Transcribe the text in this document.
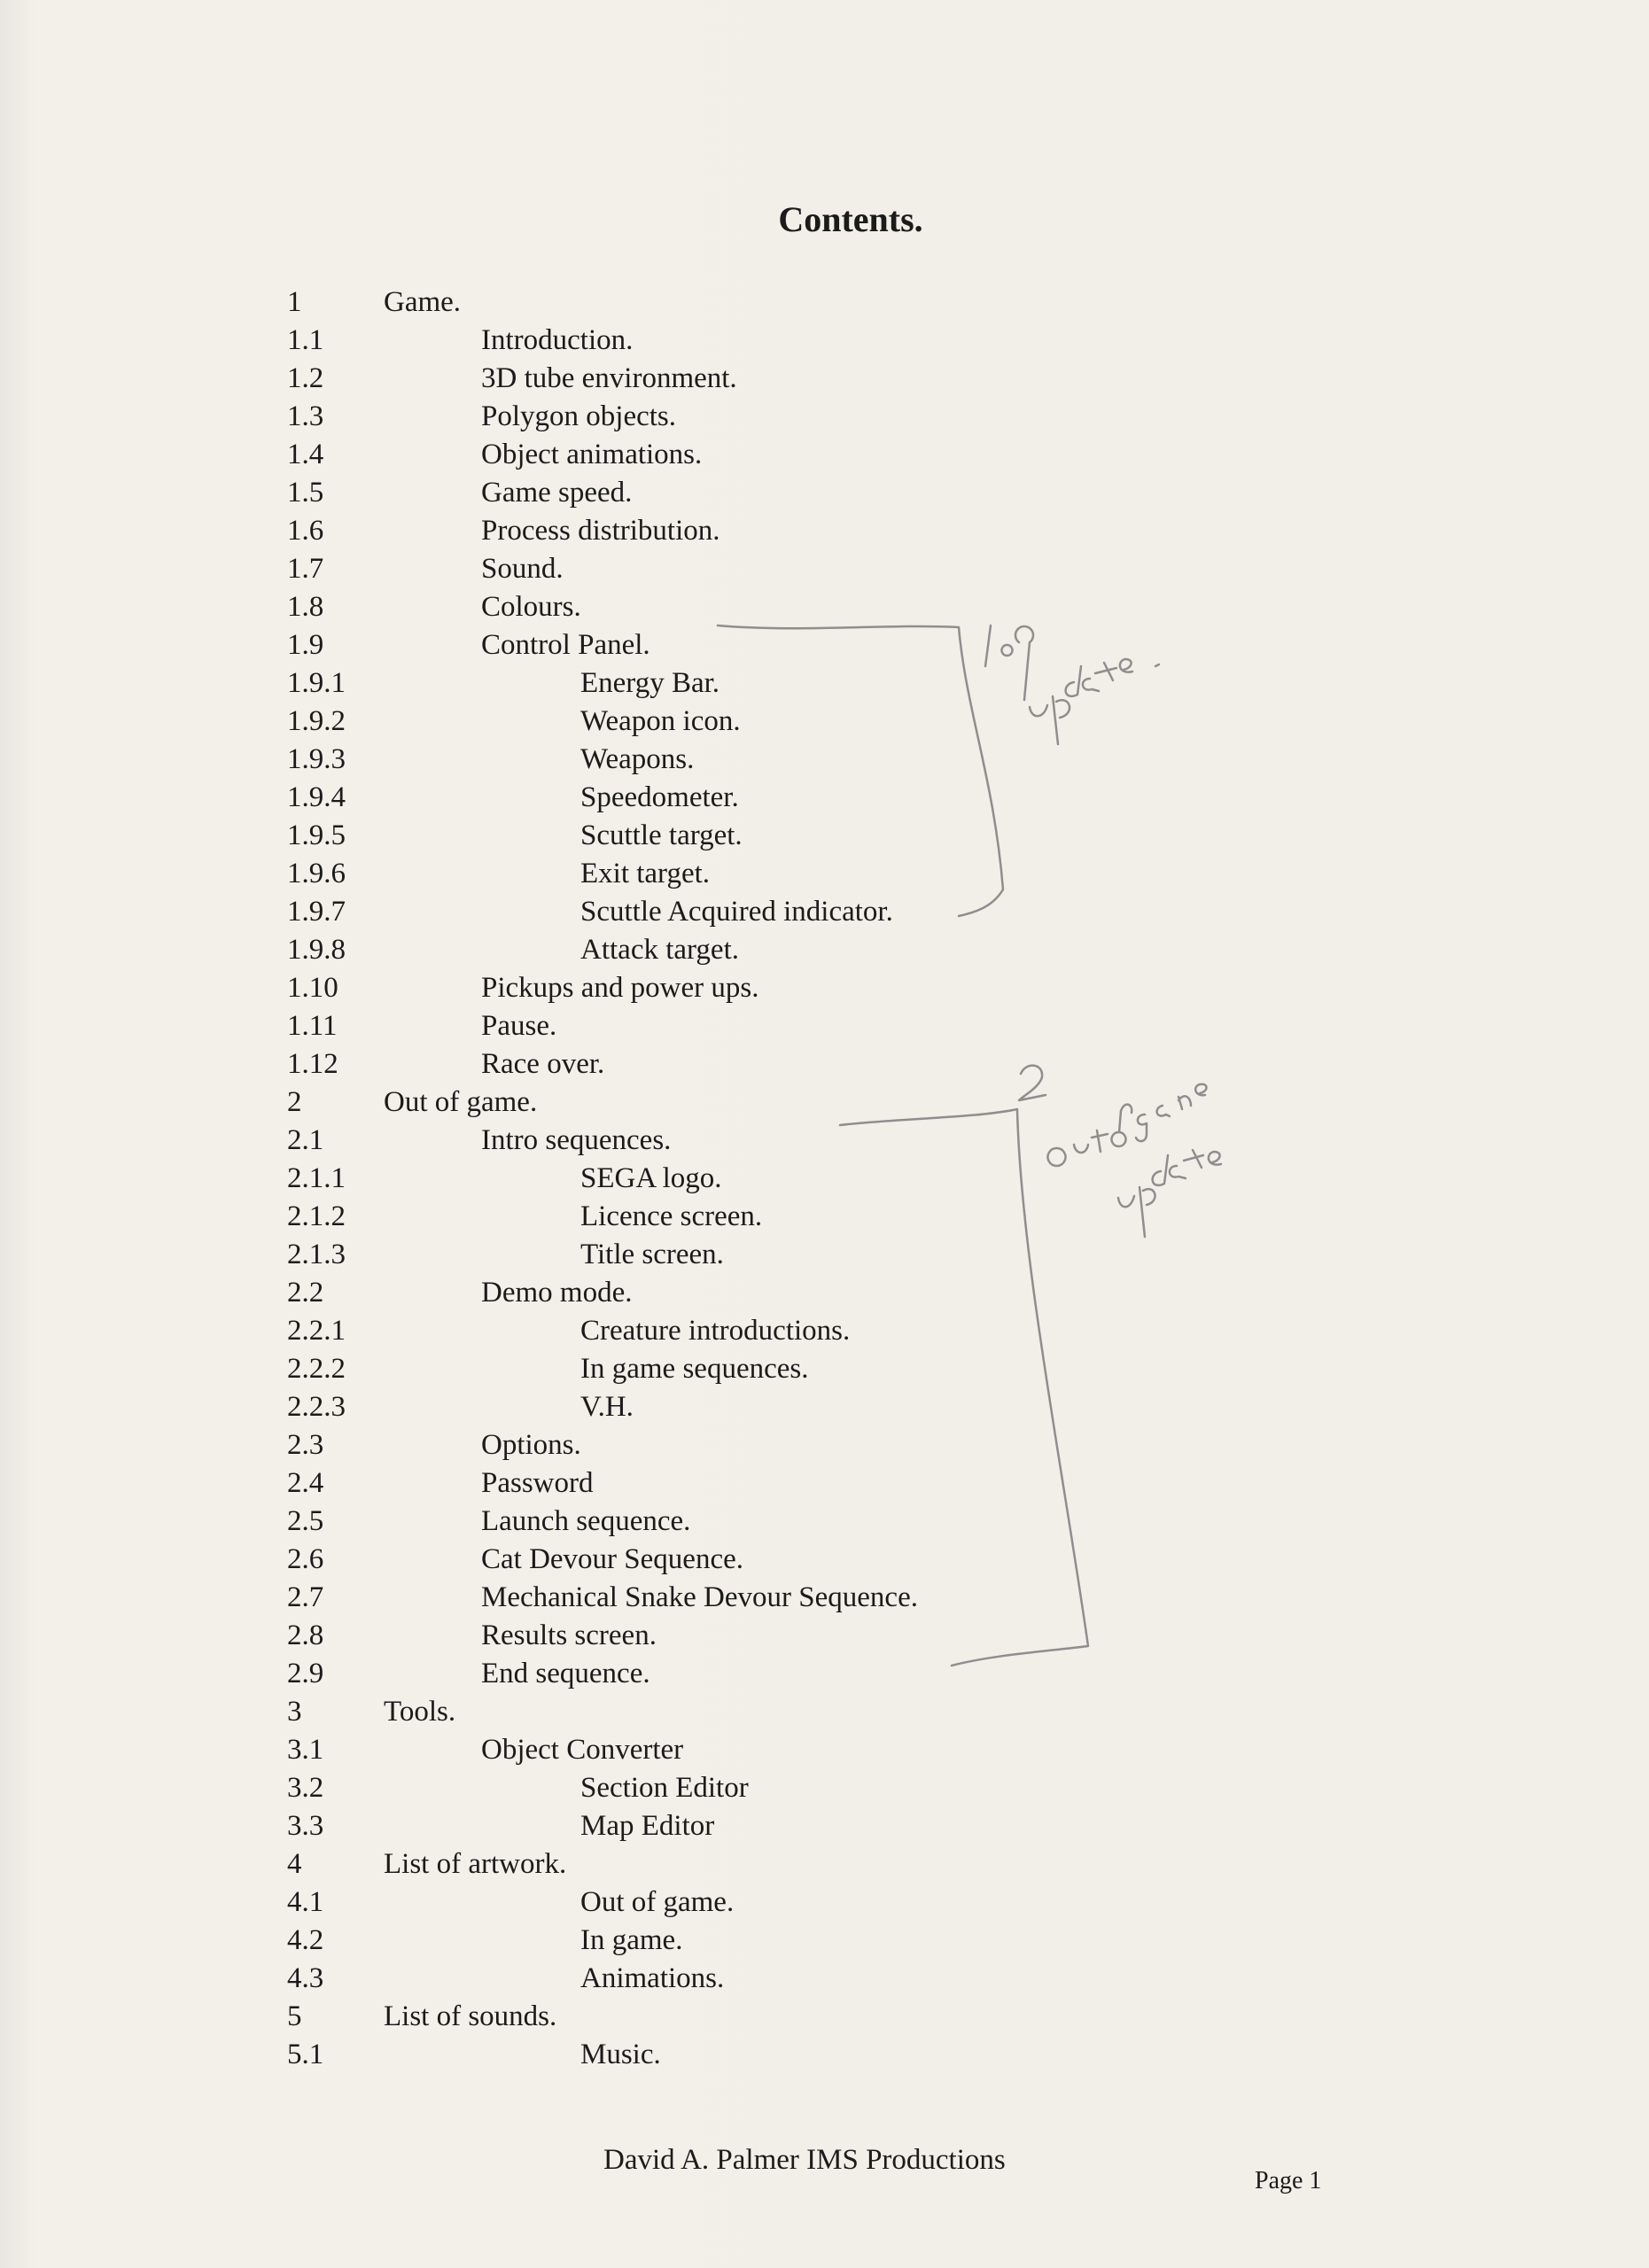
Contents.
1	Game.
1.1	Introduction.
1.2	3D tube environment.
1.3	Polygon objects.
1.4	Object animations.
1.5	Game speed.
1.6	Process distribution.
1.7	Sound.
1.8	Colours.
1.9	Control Panel.
1.9.1	Energy Bar.
1.9.2	Weapon icon.
1.9.3	Weapons.
1.9.4	Speedometer.
1.9.5	Scuttle target.
1.9.6	Exit target.
1.9.7	Scuttle Acquired indicator.
1.9.8	Attack target.
1.10	Pickups and power ups.
1.11	Pause.
1.12	Race over.
2	Out of game.
2.1	Intro sequences.
2.1.1	SEGA logo.
2.1.2	Licence screen.
2.1.3	Title screen.
2.2	Demo mode.
2.2.1	Creature introductions.
2.2.2	In game sequences.
2.2.3	V.H.
2.3	Options.
2.4	Password
2.5	Launch sequence.
2.6	Cat Devour Sequence.
2.7	Mechanical Snake Devour Sequence.
2.8	Results screen.
2.9	End sequence.
3	Tools.
3.1	Object Converter
3.2	Section Editor
3.3	Map Editor
4	List of artwork.
4.1	Out of game.
4.2	In game.
4.3	Animations.
5	List of sounds.
5.1	Music.
David A. Palmer IMS Productions
Page 1
